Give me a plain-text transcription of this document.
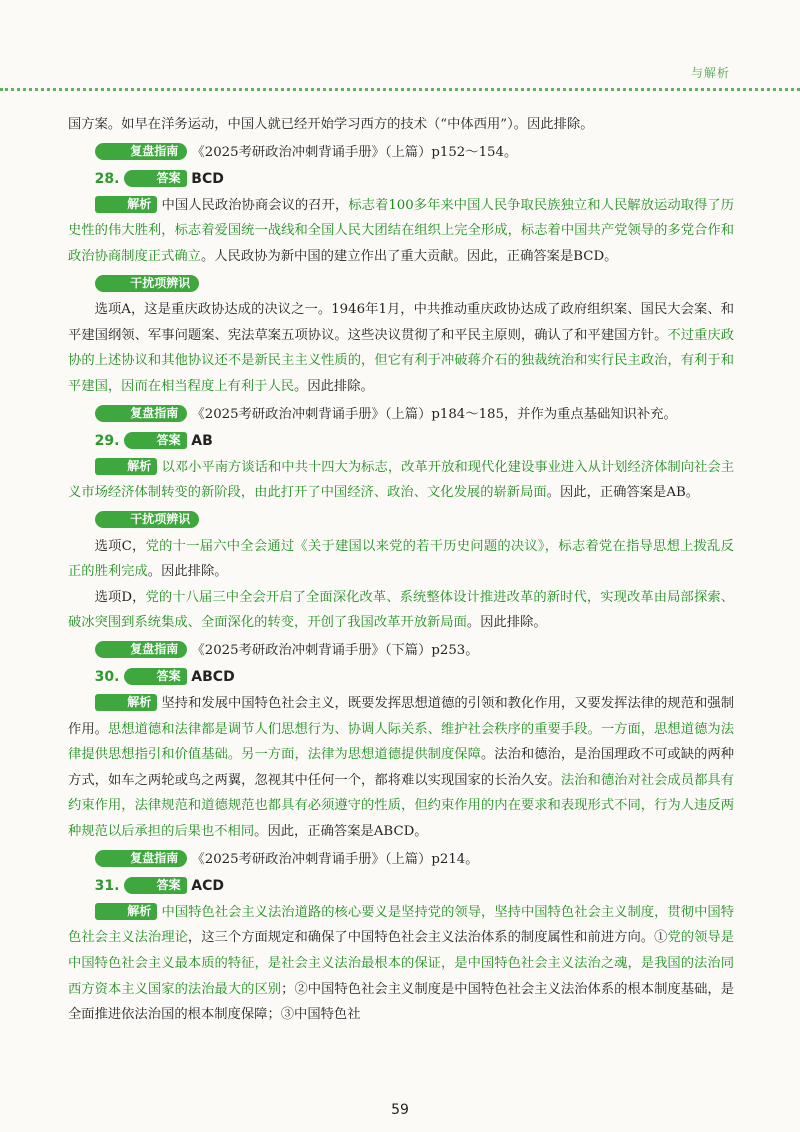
与解析

国方案。如早在洋务运动，中国人就已经开始学习西方的技术（“中体西用”）。因此排除。

复盘指南 《2025考研政治冲刺背诵手册》（上篇）p152～154。

28.	答案 BCD

解析 中国人民政治协商会议的召开，标志着100多年来中国人民争取民族独立和人民解放运动取得了历史性的伟大胜利，标志着爱国统一战线和全国人民大团结在组织上完全形成，标志着中国共产党领导的多党合作和政治协商制度正式确立。人民政协为新中国的建立作出了重大贡献。因此，正确答案是BCD。

干扰项辨识

选项A，这是重庆政协达成的决议之一。1946年1月，中共推动重庆政协达成了政府组织案、国民大会案、和平建国纲领、军事问题案、宪法草案五项协议。这些决议贯彻了和平民主原则，确认了和平建国方针。不过重庆政协的上述协议和其他协议还不是新民主主义性质的，但它有利于冲破蒋介石的独裁统治和实行民主政治，有利于和平建国，因而在相当程度上有利于人民。因此排除。

复盘指南 《2025考研政治冲刺背诵手册》（上篇）p184～185，并作为重点基础知识补充。

29.	答案 AB

解析 以邓小平南方谈话和中共十四大为标志，改革开放和现代化建设事业进入从计划经济体制向社会主义市场经济体制转变的新阶段，由此打开了中国经济、政治、文化发展的崭新局面。因此，正确答案是AB。

干扰项辨识

选项C，党的十一届六中全会通过《关于建国以来党的若干历史问题的决议》，标志着党在指导思想上拨乱反正的胜利完成。因此排除。

选项D，党的十八届三中全会开启了全面深化改革、系统整体设计推进改革的新时代，实现改革由局部探索、破冰突围到系统集成、全面深化的转变，开创了我国改革开放新局面。因此排除。

复盘指南 《2025考研政治冲刺背诵手册》（下篇）p253。

30.	答案 ABCD

解析 坚持和发展中国特色社会主义，既要发挥思想道德的引领和教化作用，又要发挥法律的规范和强制作用。思想道德和法律都是调节人们思想行为、协调人际关系、维护社会秩序的重要手段。一方面，思想道德为法律提供思想指引和价值基础。另一方面，法律为思想道德提供制度保障。法治和德治，是治国理政不可或缺的两种方式，如车之两轮或鸟之两翼，忽视其中任何一个，都将难以实现国家的长治久安。法治和德治对社会成员都具有约束作用，法律规范和道德规范也都具有必须遵守的性质，但约束作用的内在要求和表现形式不同，行为人违反两种规范以后承担的后果也不相同。因此，正确答案是ABCD。

复盘指南 《2025考研政治冲刺背诵手册》（上篇）p214。

31.	答案 ACD

解析 中国特色社会主义法治道路的核心要义是坚持党的领导，坚持中国特色社会主义制度，贯彻中国特色社会主义法治理论，这三个方面规定和确保了中国特色社会主义法治体系的制度属性和前进方向。①党的领导是中国特色社会主义最本质的特征，是社会主义法治最根本的保证，是中国特色社会主义法治之魂，是我国的法治同西方资本主义国家的法治最大的区别；②中国特色社会主义制度是中国特色社会主义法治体系的根本制度基础，是全面推进依法治国的根本制度保障；③中国特色社

59
